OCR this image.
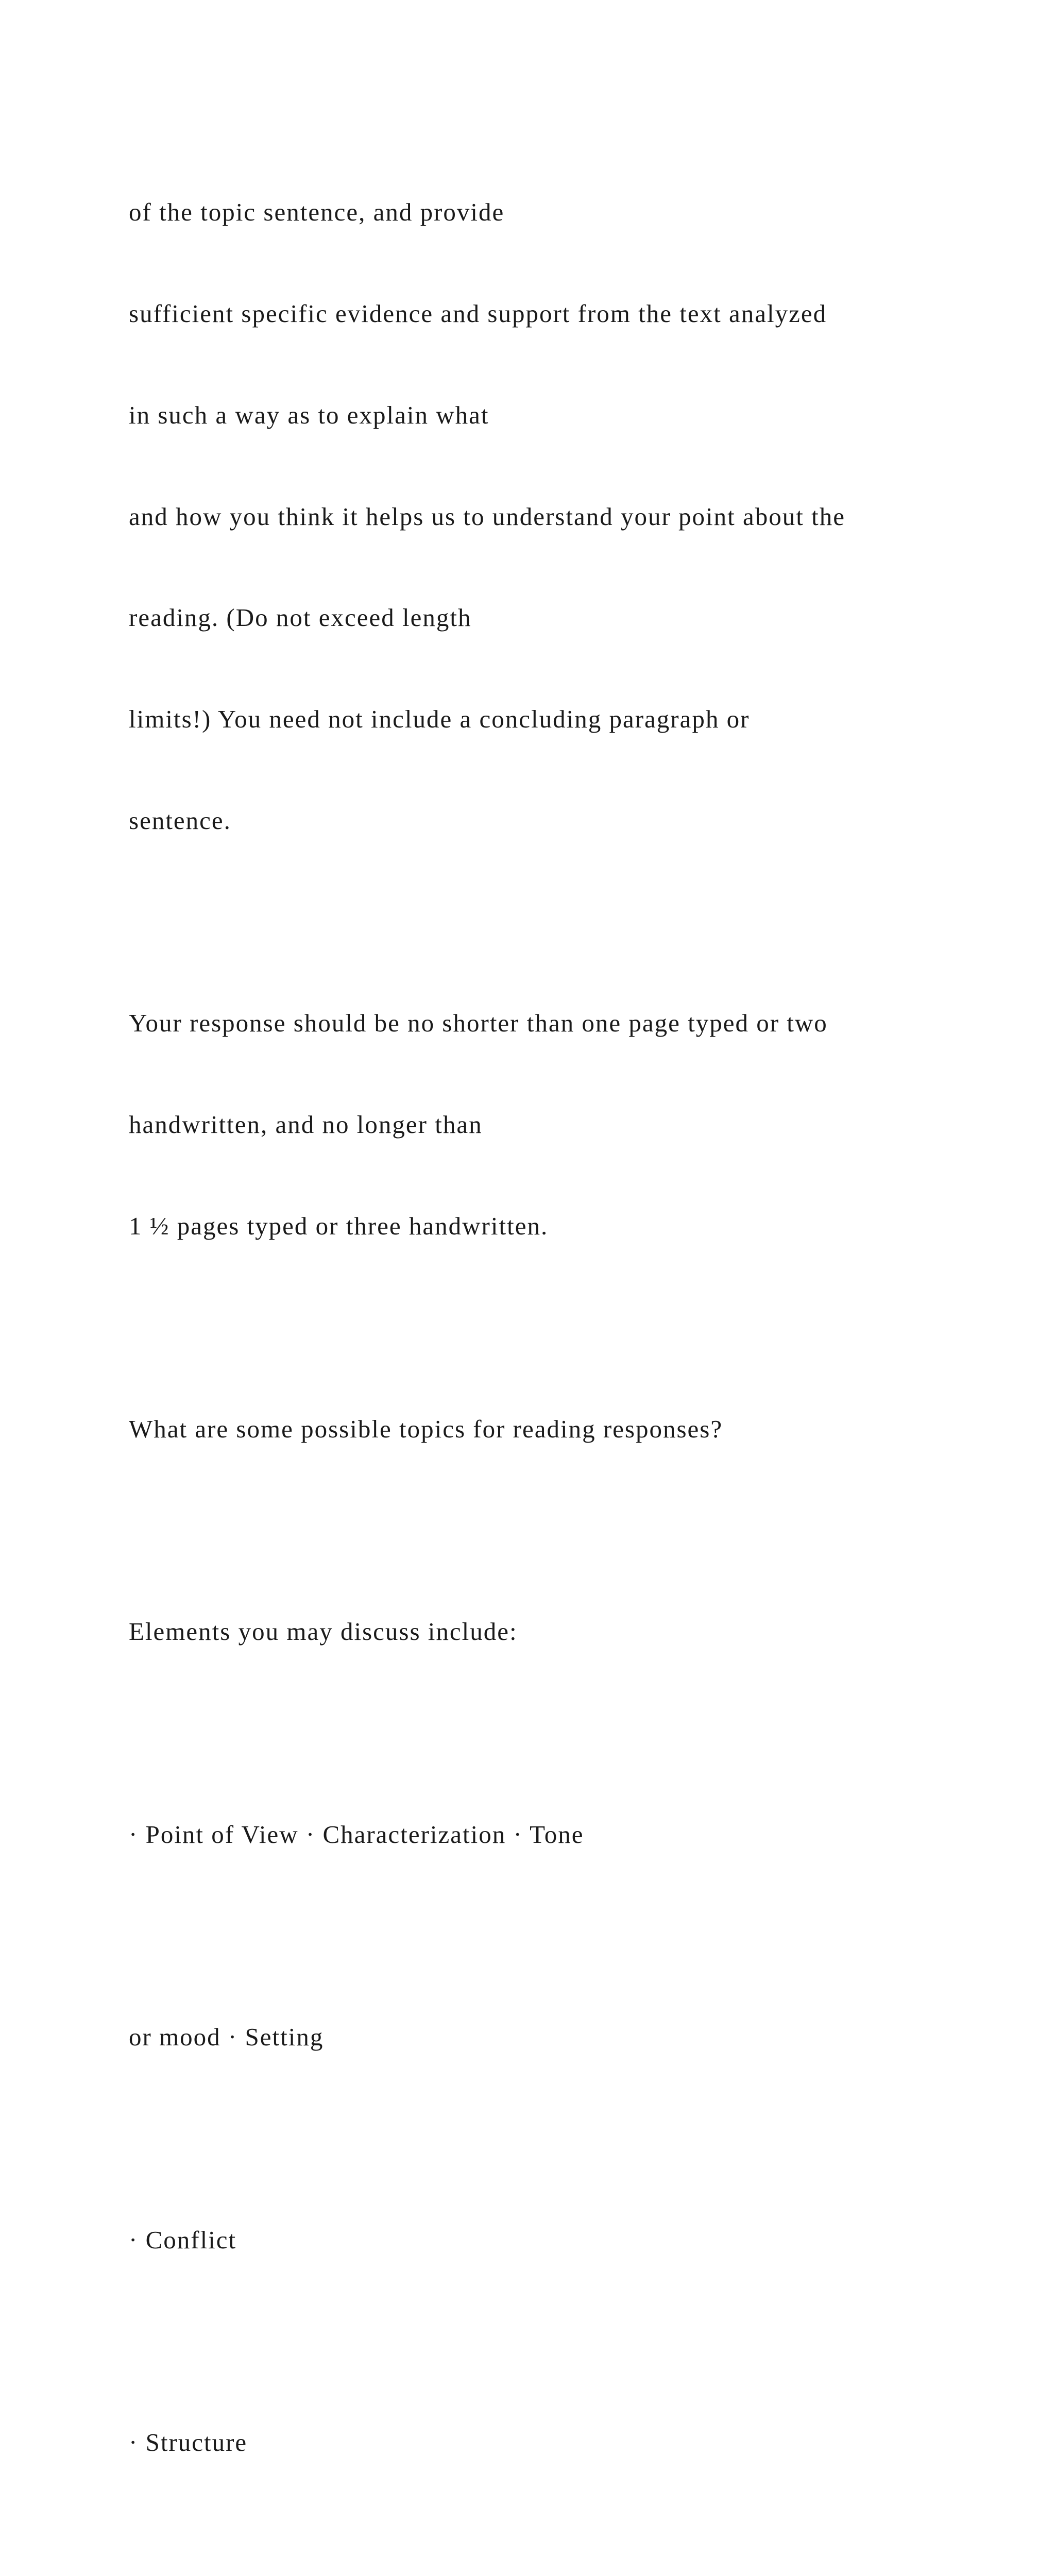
of the topic sentence, and provide

sufficient specific evidence and support from the text analyzed

in such a way as to explain what

and how you think it helps us to understand your point about the

reading. (Do not exceed length

limits!) You need not include a concluding paragraph or

sentence.

Your response should be no shorter than one page typed or two

handwritten, and no longer than

1 ½ pages typed or three handwritten.

What are some possible topics for reading responses?

Elements you may discuss include:

· Point of View · Characterization · Tone

or mood · Setting

· Conflict

· Structure
